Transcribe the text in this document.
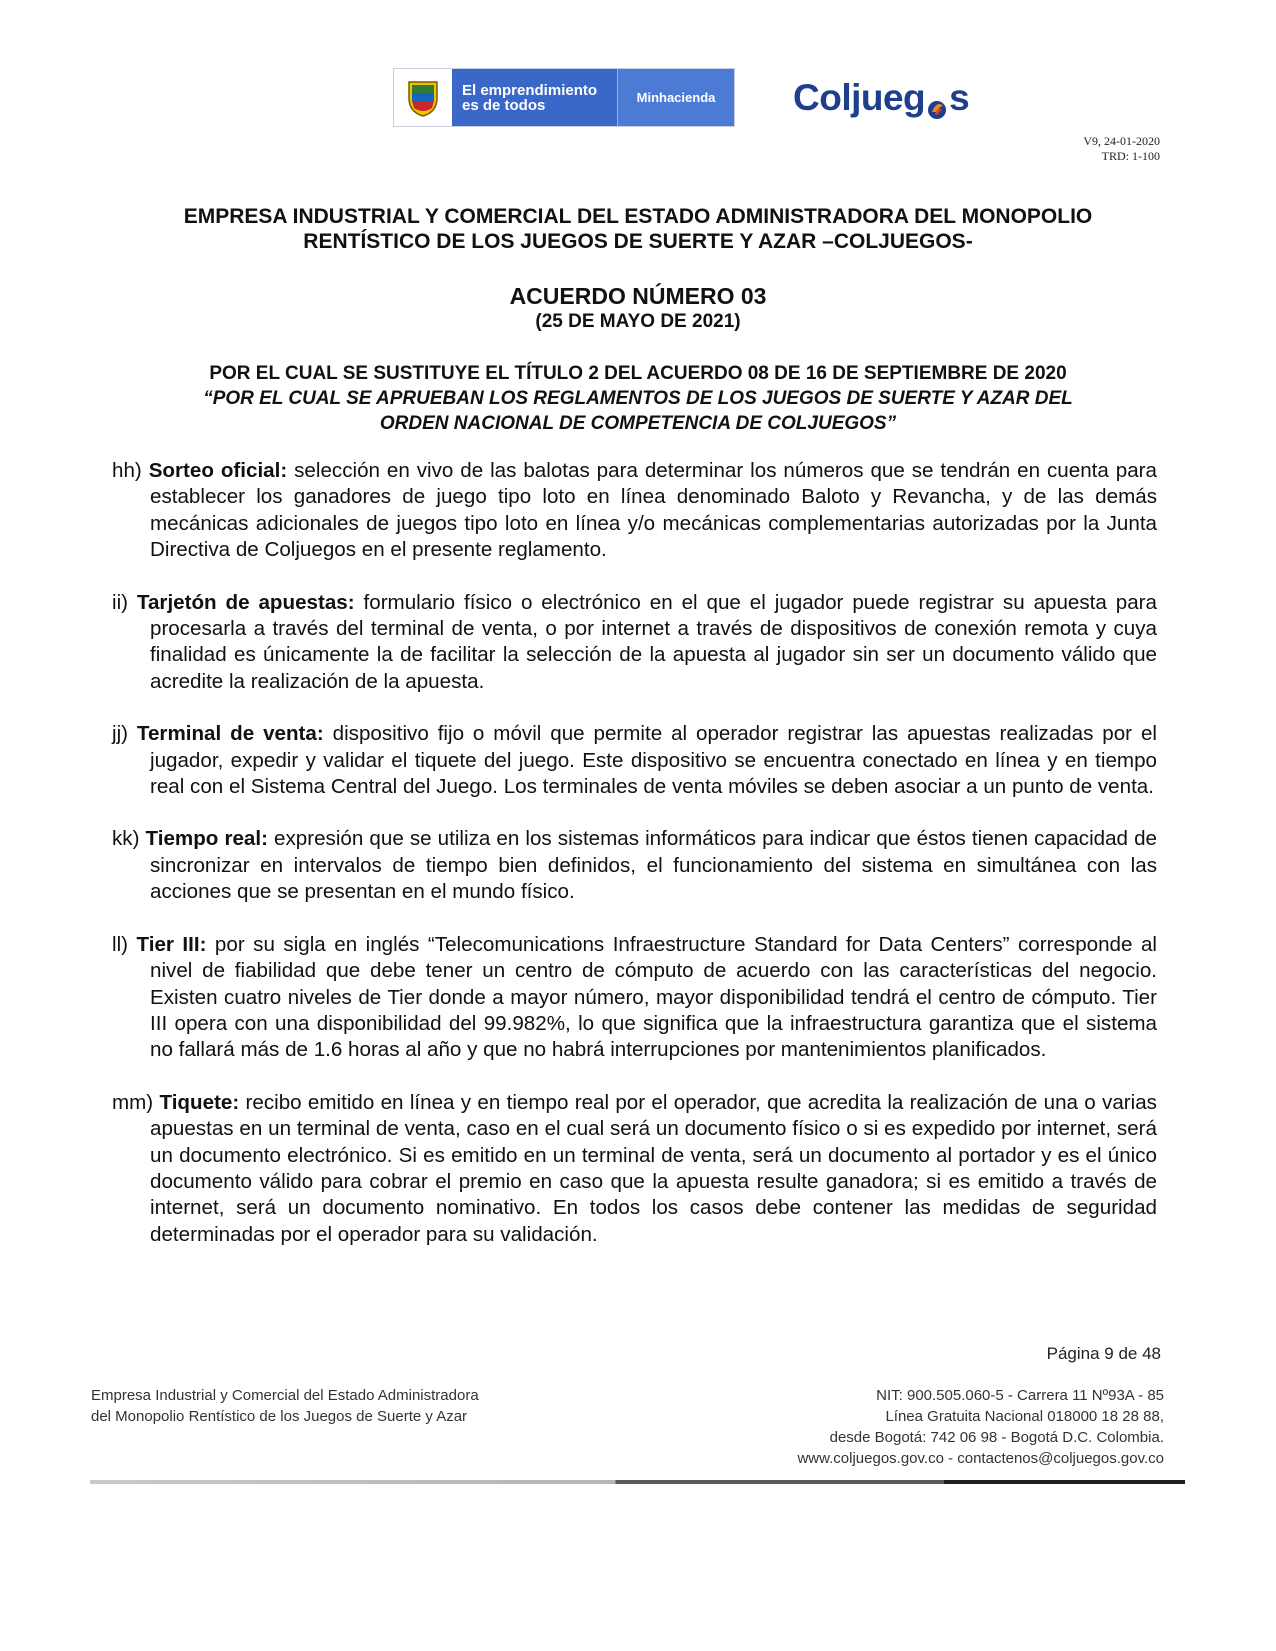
El emprendimiento
es de todos	Minhacienda	Coljueg s
V9, 24-01-2020
TRD: 1-100
EMPRESA INDUSTRIAL Y COMERCIAL DEL ESTADO ADMINISTRADORA DEL MONOPOLIO
RENTÍSTICO DE LOS JUEGOS DE SUERTE Y AZAR –COLJUEGOS-
ACUERDO NÚMERO 03
(25 DE MAYO DE 2021)
POR EL CUAL SE SUSTITUYE EL TÍTULO 2 DEL ACUERDO 08 DE 16 DE SEPTIEMBRE DE 2020
“POR EL CUAL SE APRUEBAN LOS REGLAMENTOS DE LOS JUEGOS DE SUERTE Y AZAR DEL
ORDEN NACIONAL DE COMPETENCIA DE COLJUEGOS”
hh) Sorteo oficial: selección en vivo de las balotas para determinar los números que se tendrán en cuenta para establecer los ganadores de juego tipo loto en línea denominado Baloto y Revancha, y de las demás mecánicas adicionales de juegos tipo loto en línea y/o mecánicas complementarias autorizadas por la Junta Directiva de Coljuegos en el presente reglamento.
ii) Tarjetón de apuestas: formulario físico o electrónico en el que el jugador puede registrar su apuesta para procesarla a través del terminal de venta, o por internet a través de dispositivos de conexión remota y cuya finalidad es únicamente la de facilitar la selección de la apuesta al jugador sin ser un documento válido que acredite la realización de la apuesta.
jj) Terminal de venta: dispositivo fijo o móvil que permite al operador registrar las apuestas realizadas por el jugador, expedir y validar el tiquete del juego. Este dispositivo se encuentra conectado en línea y en tiempo real con el Sistema Central del Juego. Los terminales de venta móviles se deben asociar a un punto de venta.
kk) Tiempo real: expresión que se utiliza en los sistemas informáticos para indicar que éstos tienen capacidad de sincronizar en intervalos de tiempo bien definidos, el funcionamiento del sistema en simultánea con las acciones que se presentan en el mundo físico.
ll) Tier III: por su sigla en inglés “Telecomunications Infraestructure Standard for Data Centers” corresponde al nivel de fiabilidad que debe tener un centro de cómputo de acuerdo con las características del negocio. Existen cuatro niveles de Tier donde a mayor número, mayor disponibilidad tendrá el centro de cómputo. Tier III opera con una disponibilidad del 99.982%, lo que significa que la infraestructura garantiza que el sistema no fallará más de 1.6 horas al año y que no habrá interrupciones por mantenimientos planificados.
mm) Tiquete: recibo emitido en línea y en tiempo real por el operador, que acredita la realización de una o varias apuestas en un terminal de venta, caso en el cual será un documento físico o si es expedido por internet, será un documento electrónico. Si es emitido en un terminal de venta, será un documento al portador y es el único documento válido para cobrar el premio en caso que la apuesta resulte ganadora; si es emitido a través de internet, será un documento nominativo. En todos los casos debe contener las medidas de seguridad determinadas por el operador para su validación.
Página 9 de 48
Empresa Industrial y Comercial del Estado Administradora
del Monopolio Rentístico de los Juegos de Suerte y Azar
NIT: 900.505.060-5 - Carrera 11 Nº93A - 85
Línea Gratuita Nacional 018000 18 28 88,
desde Bogotá: 742 06 98 - Bogotá D.C. Colombia.
www.coljuegos.gov.co - contactenos@coljuegos.gov.co
